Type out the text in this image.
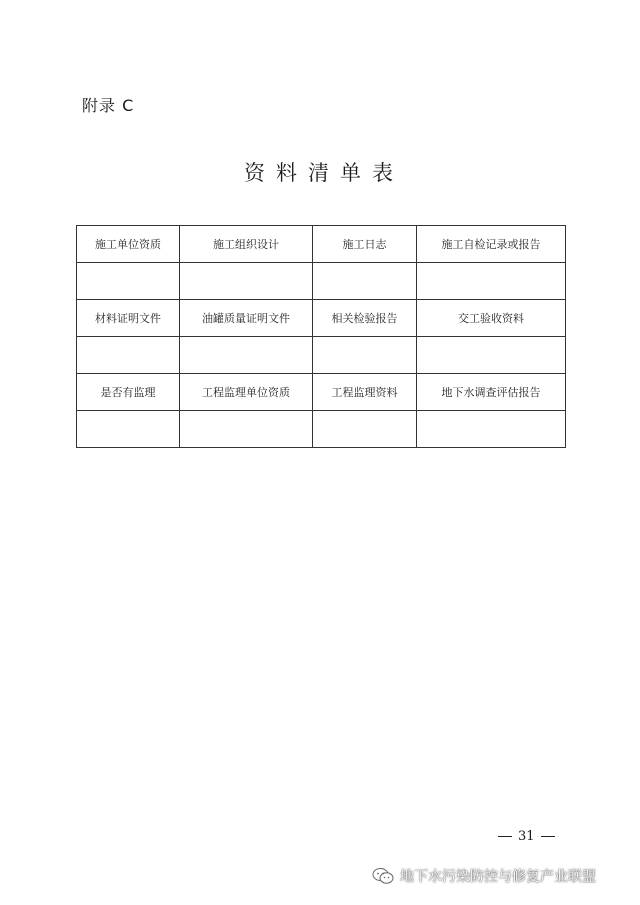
附录 C
资料清单表
施工单位资质	施工组织设计	施工日志	施工自检记录或报告

材料证明文件	油罐质量证明文件	相关检验报告	交工验收资料

是否有监理	工程监理单位资质	工程监理资料	地下水调查评估报告

31
地下水污染防控与修复产业联盟
